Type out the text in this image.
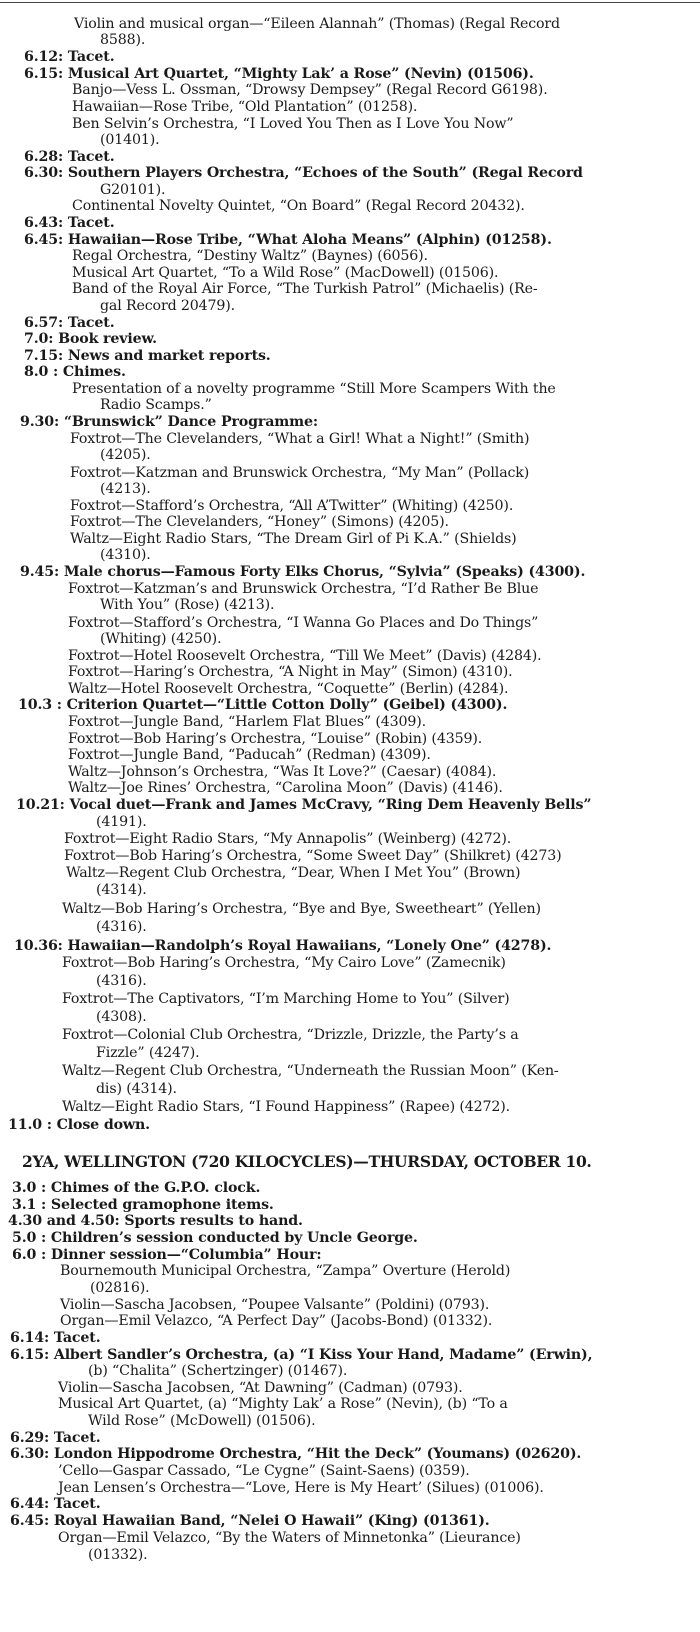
Violin and musical organ—“Eileen Alannah” (Thomas) (Regal Record
8588).
6.12: Tacet.
6.15: Musical Art Quartet, “Mighty Lak’ a Rose” (Nevin) (01506).
Banjo—Vess L. Ossman, “Drowsy Dempsey” (Regal Record G6198).
Hawaiian—Rose Tribe, “Old Plantation” (01258).
Ben Selvin’s Orchestra, “I Loved You Then as I Love You Now”
(01401).
6.28: Tacet.
6.30: Southern Players Orchestra, “Echoes of the South” (Regal Record
G20101).
Continental Novelty Quintet, “On Board” (Regal Record 20432).
6.43: Tacet.
6.45: Hawaiian—Rose Tribe, “What Aloha Means” (Alphin) (01258).
Regal Orchestra, “Destiny Waltz” (Baynes) (6056).
Musical Art Quartet, “To a Wild Rose” (MacDowell) (01506).
Band of the Royal Air Force, “The Turkish Patrol” (Michaelis) (Re-
gal Record 20479).
6.57: Tacet.
7.0: Book review.
7.15: News and market reports.
8.0 : Chimes.
Presentation of a novelty programme “Still More Scampers With the
Radio Scamps.”
9.30: “Brunswick” Dance Programme:
Foxtrot—The Clevelanders, “What a Girl! What a Night!” (Smith)
(4205).
Foxtrot—Katzman and Brunswick Orchestra, “My Man” (Pollack)
(4213).
Foxtrot—Stafford’s Orchestra, “All A’Twitter” (Whiting) (4250).
Foxtrot—The Clevelanders, “Honey” (Simons) (4205).
Waltz—Eight Radio Stars, “The Dream Girl of Pi K.A.” (Shields)
(4310).
9.45: Male chorus—Famous Forty Elks Chorus, “Sylvia” (Speaks) (4300).
Foxtrot—Katzman’s and Brunswick Orchestra, “I’d Rather Be Blue
With You” (Rose) (4213).
Foxtrot—Stafford’s Orchestra, “I Wanna Go Places and Do Things”
(Whiting) (4250).
Foxtrot—Hotel Roosevelt Orchestra, “Till We Meet” (Davis) (4284).
Foxtrot—Haring’s Orchestra, “A Night in May” (Simon) (4310).
Waltz—Hotel Roosevelt Orchestra, “Coquette” (Berlin) (4284).
10.3 : Criterion Quartet—“Little Cotton Dolly” (Geibel) (4300).
Foxtrot—Jungle Band, “Harlem Flat Blues” (4309).
Foxtrot—Bob Haring’s Orchestra, “Louise” (Robin) (4359).
Foxtrot—Jungle Band, “Paducah” (Redman) (4309).
Waltz—Johnson’s Orchestra, “Was It Love?” (Caesar) (4084).
Waltz—Joe Rines’ Orchestra, “Carolina Moon” (Davis) (4146).
10.21: Vocal duet—Frank and James McCravy, “Ring Dem Heavenly Bells”
(4191).
Foxtrot—Eight Radio Stars, “My Annapolis” (Weinberg) (4272).
Foxtrot—Bob Haring’s Orchestra, “Some Sweet Day” (Shilkret) (4273)
Waltz—Regent Club Orchestra, “Dear, When I Met You” (Brown)
(4314).
Waltz—Bob Haring’s Orchestra, “Bye and Bye, Sweetheart” (Yellen)
(4316).
10.36: Hawaiian—Randolph’s Royal Hawaiians, “Lonely One” (4278).
Foxtrot—Bob Haring’s Orchestra, “My Cairo Love” (Zamecnik)
(4316).
Foxtrot—The Captivators, “I’m Marching Home to You” (Silver)
(4308).
Foxtrot—Colonial Club Orchestra, “Drizzle, Drizzle, the Party’s a
Fizzle” (4247).
Waltz—Regent Club Orchestra, “Underneath the Russian Moon” (Ken-
dis) (4314).
Waltz—Eight Radio Stars, “I Found Happiness” (Rapee) (4272).
11.0 : Close down.
2YA, WELLINGTON (720 KILOCYCLES)—THURSDAY, OCTOBER 10.
3.0 : Chimes of the G.P.O. clock.
3.1 : Selected gramophone items.
4.30 and 4.50: Sports results to hand.
5.0 : Children’s session conducted by Uncle George.
6.0 : Dinner session—“Columbia” Hour:
Bournemouth Municipal Orchestra, “Zampa” Overture (Herold)
(02816).
Violin—Sascha Jacobsen, “Poupee Valsante” (Poldini) (0793).
Organ—Emil Velazco, “A Perfect Day” (Jacobs-Bond) (01332).
6.14: Tacet.
6.15: Albert Sandler’s Orchestra, (a) “I Kiss Your Hand, Madame” (Erwin),
(b) “Chalita” (Schertzinger) (01467).
Violin—Sascha Jacobsen, “At Dawning” (Cadman) (0793).
Musical Art Quartet, (a) “Mighty Lak’ a Rose” (Nevin), (b) “To a
Wild Rose” (McDowell) (01506).
6.29: Tacet.
6.30: London Hippodrome Orchestra, “Hit the Deck” (Youmans) (02620).
’Cello—Gaspar Cassado, “Le Cygne” (Saint-Saens) (0359).
Jean Lensen’s Orchestra—“Love, Here is My Heart’ (Silues) (01006).
6.44: Tacet.
6.45: Royal Hawaiian Band, “Nelei O Hawaii” (King) (01361).
Organ—Emil Velazco, “By the Waters of Minnetonka” (Lieurance)
(01332).
